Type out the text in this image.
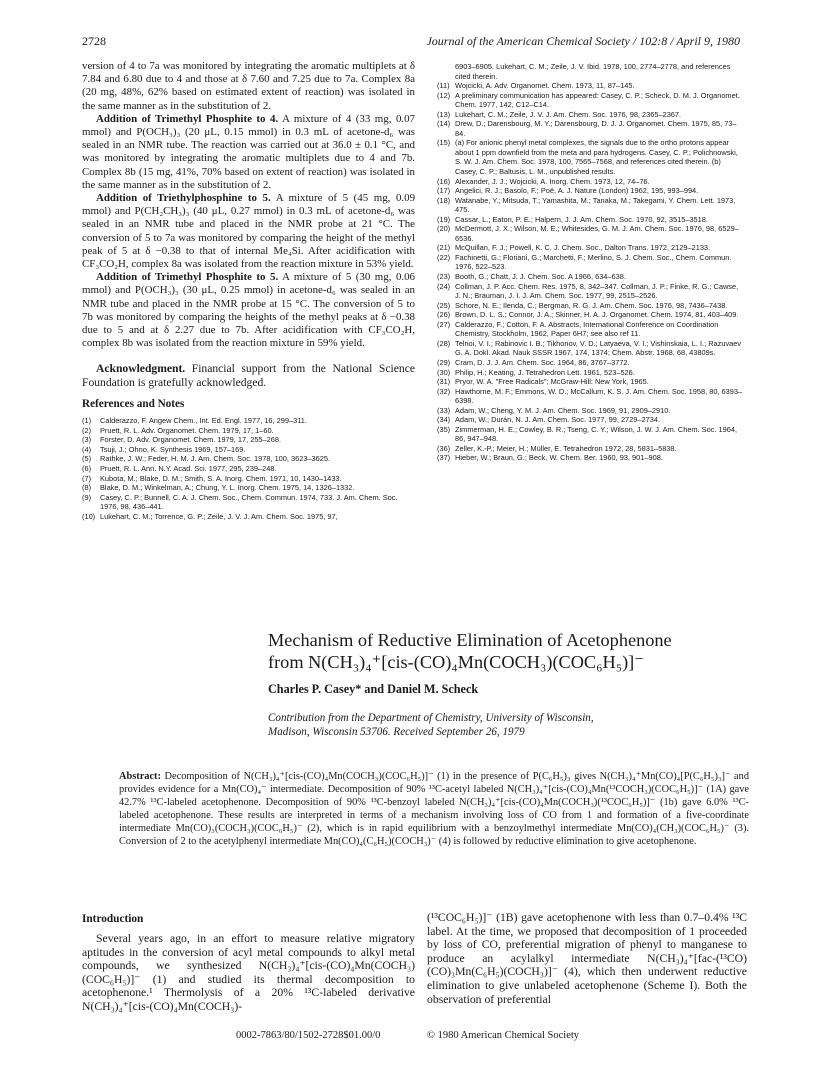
2728	Journal of the American Chemical Society / 102:8 / April 9, 1980

version of 4 to 7a was monitored by integrating the aromatic multiplets at δ 7.84 and 6.80 due to 4 and those at δ 7.60 and 7.25 due to 7a. Complex 8a (20 mg, 48%, 62% based on estimated extent of reaction) was isolated in the same manner as in the substitution of 2.

Addition of Trimethyl Phosphite to 4. A mixture of 4 (33 mg, 0.07 mmol) and P(OCH₃)₃ (20 μL, 0.15 mmol) in 0.3 mL of acetone-d₆ was sealed in an NMR tube. The reaction was carried out at 36.0 ± 0.1 °C, and was monitored by integrating the aromatic multiplets due to 4 and 7b. Complex 8b (15 mg, 41%, 70% based on extent of reaction) was isolated in the same manner as in the substitution of 2.

Addition of Triethylphosphine to 5. A mixture of 5 (45 mg, 0.09 mmol) and P(CH₂CH₃)₃ (40 μL, 0.27 mmol) in 0.3 mL of acetone-d₆ was sealed in an NMR tube and placed in the NMR probe at 21 °C. The conversion of 5 to 7a was monitored by comparing the height of the methyl peak of 5 at δ −0.38 to that of internal Me₄Si. After acidification with CF₃CO₂H, complex 8a was isolated from the reaction mixture in 53% yield.

Addition of Trimethyl Phosphite to 5. A mixture of 5 (30 mg, 0.06 mmol) and P(OCH₃)₃ (30 μL, 0.25 mmol) in acetone-d₆ was sealed in an NMR tube and placed in the NMR probe at 15 °C. The conversion of 5 to 7b was monitored by comparing the heights of the methyl peaks at δ −0.38 due to 5 and at δ 2.27 due to 7b. After acidification with CF₃CO₂H, complex 8b was isolated from the reaction mixture in 59% yield.

Acknowledgment. Financial support from the National Science Foundation is gratefully acknowledged.

References and Notes
(1)	Calderazzo, F. Angew Chem., Int. Ed. Engl. 1977, 16, 299–311.
(2)	Pruett, R. L. Adv. Organomet. Chem. 1979, 17, 1–60.
(3)	Forster, D. Adv. Organomet. Chem. 1979, 17, 255–268.
(4)	Tsuji, J.; Ohno, K. Synthesis 1969, 157–169.
(5)	Rathke, J. W.; Feder, H. M. J. Am. Chem. Soc. 1978, 100, 3623–3625.
(6)	Pruett, R. L. Ann. N.Y. Acad. Sci. 1977, 295, 239–248.
(7)	Kubota, M.; Blake, D. M.; Smith, S. A. Inorg. Chem. 1971, 10, 1430–1433.
(8)	Blake, D. M.; Winkelman, A.; Chung, Y. L. Inorg. Chem. 1975, 14, 1326–1332.
(9)	Casey, C. P.; Bunnell, C. A. J. Chem. Soc., Chem. Commun. 1974, 733. J. Am. Chem. Soc. 1976, 98, 436–441.
(10) Lukehart, C. M.; Torrence, G. P.; Zeile, J. V. J. Am. Chem. Soc. 1975, 97,
6903–6905. Lukehart, C. M.; Zeile, J. V. Ibid. 1978, 100, 2774–2778, and references cited therein.
(11) Wojcicki, A. Adv. Organomet. Chem. 1973, 11, 87–145.
(12) A preliminary communication has appeared: Casey, C. P.; Scheck, D. M. J. Organomet. Chem. 1977, 142, C12–C14.
(13) Lukehart, C. M.; Zeile, J. V. J. Am. Chem. Soc. 1976, 98, 2365–2367.
(14) Drew, D.; Darensbourg, M. Y.; Darensbourg, D. J. J. Organomet. Chem. 1975, 85, 73–84.
(15) (a) For anionic phenyl metal complexes, the signals due to the ortho protons appear about 1 ppm downfield from the meta and para hydrogens. Casey, C. P.; Polichnowski, S. W. J. Am. Chem. Soc. 1978, 100, 7565–7568, and references cited therein. (b) Casey, C. P.; Baltusis, L. M., unpublished results.
(16) Alexander, J. J.; Wojcicki, A. Inorg. Chem. 1973, 12, 74–76.
(17) Angelici, R. J.; Basolo, F.; Poë, A. J. Nature (London) 1962, 195, 993–994.
(18) Watanabe, Y.; Mitsuda, T.; Yamashita, M.; Tanaka, M.; Takegami, Y. Chem. Lett. 1973, 475.
(19) Cassar, L.; Eaton, P. E.; Halpern, J. J. Am. Chem. Soc. 1970, 92, 3515–3518.
(20) McDermott, J. X.; Wilson, M. E.; Whitesides, G. M. J. Am. Chem. Soc. 1976, 98, 6529–6536.
(21) McQuillan, F. J.; Powell, K. C. J. Chem. Soc., Dalton Trans. 1972, 2129–2133.
(22) Fachinetti, G.; Floriani, G.; Marchetti, F.; Merlino, S. J. Chem. Soc., Chem. Commun. 1976, 522–523.
(23) Booth, G.; Chatt, J. J. Chem. Soc. A 1966, 634–638.
(24) Collman, J. P. Acc. Chem. Res. 1975, 8, 342–347. Collman, J. P.; Finke, R. G.; Cawse, J. N.; Brauman, J. I. J. Am. Chem. Soc. 1977, 99, 2515–2526.
(25) Schore, N. E.; Ilenda, C.; Bergman, R. G. J. Am. Chem. Soc. 1976, 98, 7436–7438.
(26) Brown, D. L. S.; Connor, J. A.; Skinner, H. A. J. Organomet. Chem. 1974, 81, 403–409.
(27) Calderazzo, F.; Cotton, F. A. Abstracts, International Conference on Coordination Chemistry, Stockholm, 1962, Paper 6H7; see also ref 11.
(28) Telnoi, V. I.; Rabinovic I. B.; Tikhonov, V. D.; Latyaeva, V. I.; Vishinskaia, L. I.; Razuvaev G. A. Dokl. Akad. Nauk SSSR 1967, 174, 1374; Chem. Abstr. 1968, 68, 43809s.
(29) Cram, D. J. J. Am. Chem. Soc. 1964, 86, 3767–3772.
(30) Philip, H.; Keating, J. Tetrahedron Lett. 1961, 523–526.
(31) Pryor, W. A. "Free Radicals"; McGraw-Hill: New York, 1965.
(32) Hawthorne, M. F.; Emmons, W. D.; McCallum, K. S. J. Am. Chem. Soc. 1958, 80, 6393–6398.
(33) Adam, W.; Cheng, Y. M. J. Am. Chem. Soc. 1969, 91, 2909–2910.
(34) Adam, W.; Durán, N. J. Am. Chem. Soc. 1977, 99, 2729–2734.
(35) Zimmerman, H. E.; Cowley, B. R.; Tseng, C. Y.; Wilson, J. W. J. Am. Chem. Soc. 1964, 86, 947–948.
(36) Zeller, K.-P.; Meier, H.; Müller, E. Tetrahedron 1972, 28, 5831–5838.
(37) Hieber, W.; Braun, G.; Beck, W. Chem. Ber. 1960, 93, 901–908.
Mechanism of Reductive Elimination of Acetophenone
from N(CH₃)₄⁺[cis-(CO)₄Mn(COCH₃)(COC₆H₅)]⁻
Charles P. Casey* and Daniel M. Scheck
Contribution from the Department of Chemistry, University of Wisconsin,
Madison, Wisconsin 53706. Received September 26, 1979

Abstract: Decomposition of N(CH₃)₄⁺[cis-(CO)₄Mn(COCH₃)(COC₆H₅)]⁻ (1) in the presence of P(C₆H₅)₃ gives N(CH₃)₄⁺Mn(CO)₄[P(C₆H₅)₃]⁻ and provides evidence for a Mn(CO)₄⁻ intermediate. Decomposition of 90% ¹³C-acetyl labeled N(CH₃)₄⁺[cis-(CO)₄Mn(¹³COCH₃)(COC₆H₅)]⁻ (1A) gave 42.7% ¹³C-labeled acetophenone. Decomposition of 90% ¹³C-benzoyl labeled N(CH₃)₄⁺[cis-(CO)₄Mn(COCH₃)(¹³COC₆H₅)]⁻ (1b) gave 6.0% ¹³C-labeled acetophenone. These results are interpreted in terms of a mechanism involving loss of CO from 1 and formation of a five-coordinate intermediate Mn(CO)₃(COCH₃)(COC₆H₅)⁻ (2), which is in rapid equilibrium with a benzoylmethyl intermediate Mn(CO)₄(CH₃)(COC₆H₅)⁻ (3). Conversion of 2 to the acetylphenyl intermediate Mn(CO)₄(C₆H₅)(COCH₃)⁻ (4) is followed by reductive elimination to give acetophenone.

Introduction

Several years ago, in an effort to measure relative migratory aptitudes in the conversion of acyl metal compounds to alkyl metal compounds, we synthesized N(CH₃)₄⁺[cis-(CO)₄Mn(COCH₃)(COC₆H₅)]⁻ (1) and studied its thermal decomposition to acetophenone.¹ Thermolysis of a 20% ¹³C-labeled derivative N(CH₃)₄⁺[cis-(CO)₄Mn(COCH₃)-

(¹³COC₆H₅)]⁻ (1B) gave acetophenone with less than 0.7–0.4% ¹³C label. At the time, we proposed that decomposition of 1 proceeded by loss of CO, preferential migration of phenyl to manganese to produce an acylalkyl intermediate N(CH₃)₄⁺[fac-(¹³CO)(CO)₃Mn(C₆H₅)(COCH₃)]⁻ (4), which then underwent reductive elimination to give unlabeled acetophenone (Scheme I). Both the observation of preferential

0002-7863/80/1502-2728$01.00/0	© 1980 American Chemical Society
